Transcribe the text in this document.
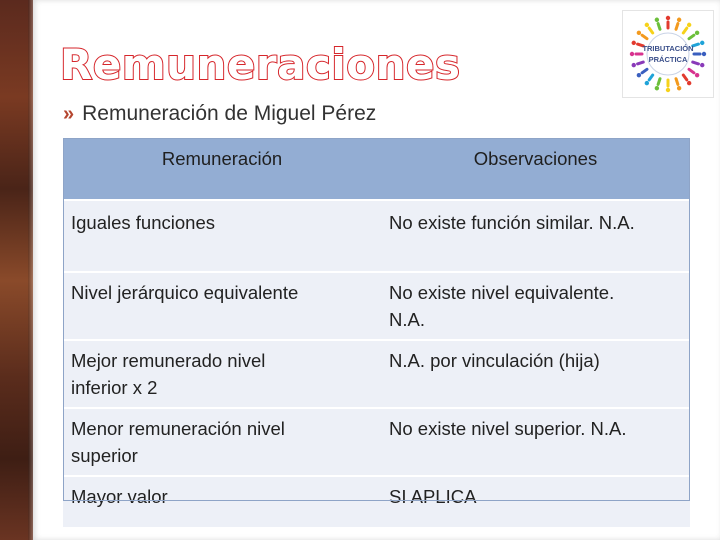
Remuneraciones	TRIBUTACIÓN
PRÁCTICA
» Remuneración de Miguel Pérez
Remuneración	Observaciones

Iguales funciones	No existe función similar. N.A.

Nivel jerárquico equivalente	No existe nivel equivalente.
N.A.

Mejor remunerado nivel
inferior x 2	N.A. por vinculación (hija)

Menor remuneración nivel
superior	No existe nivel superior. N.A.

Mayor valor	SI APLICA
